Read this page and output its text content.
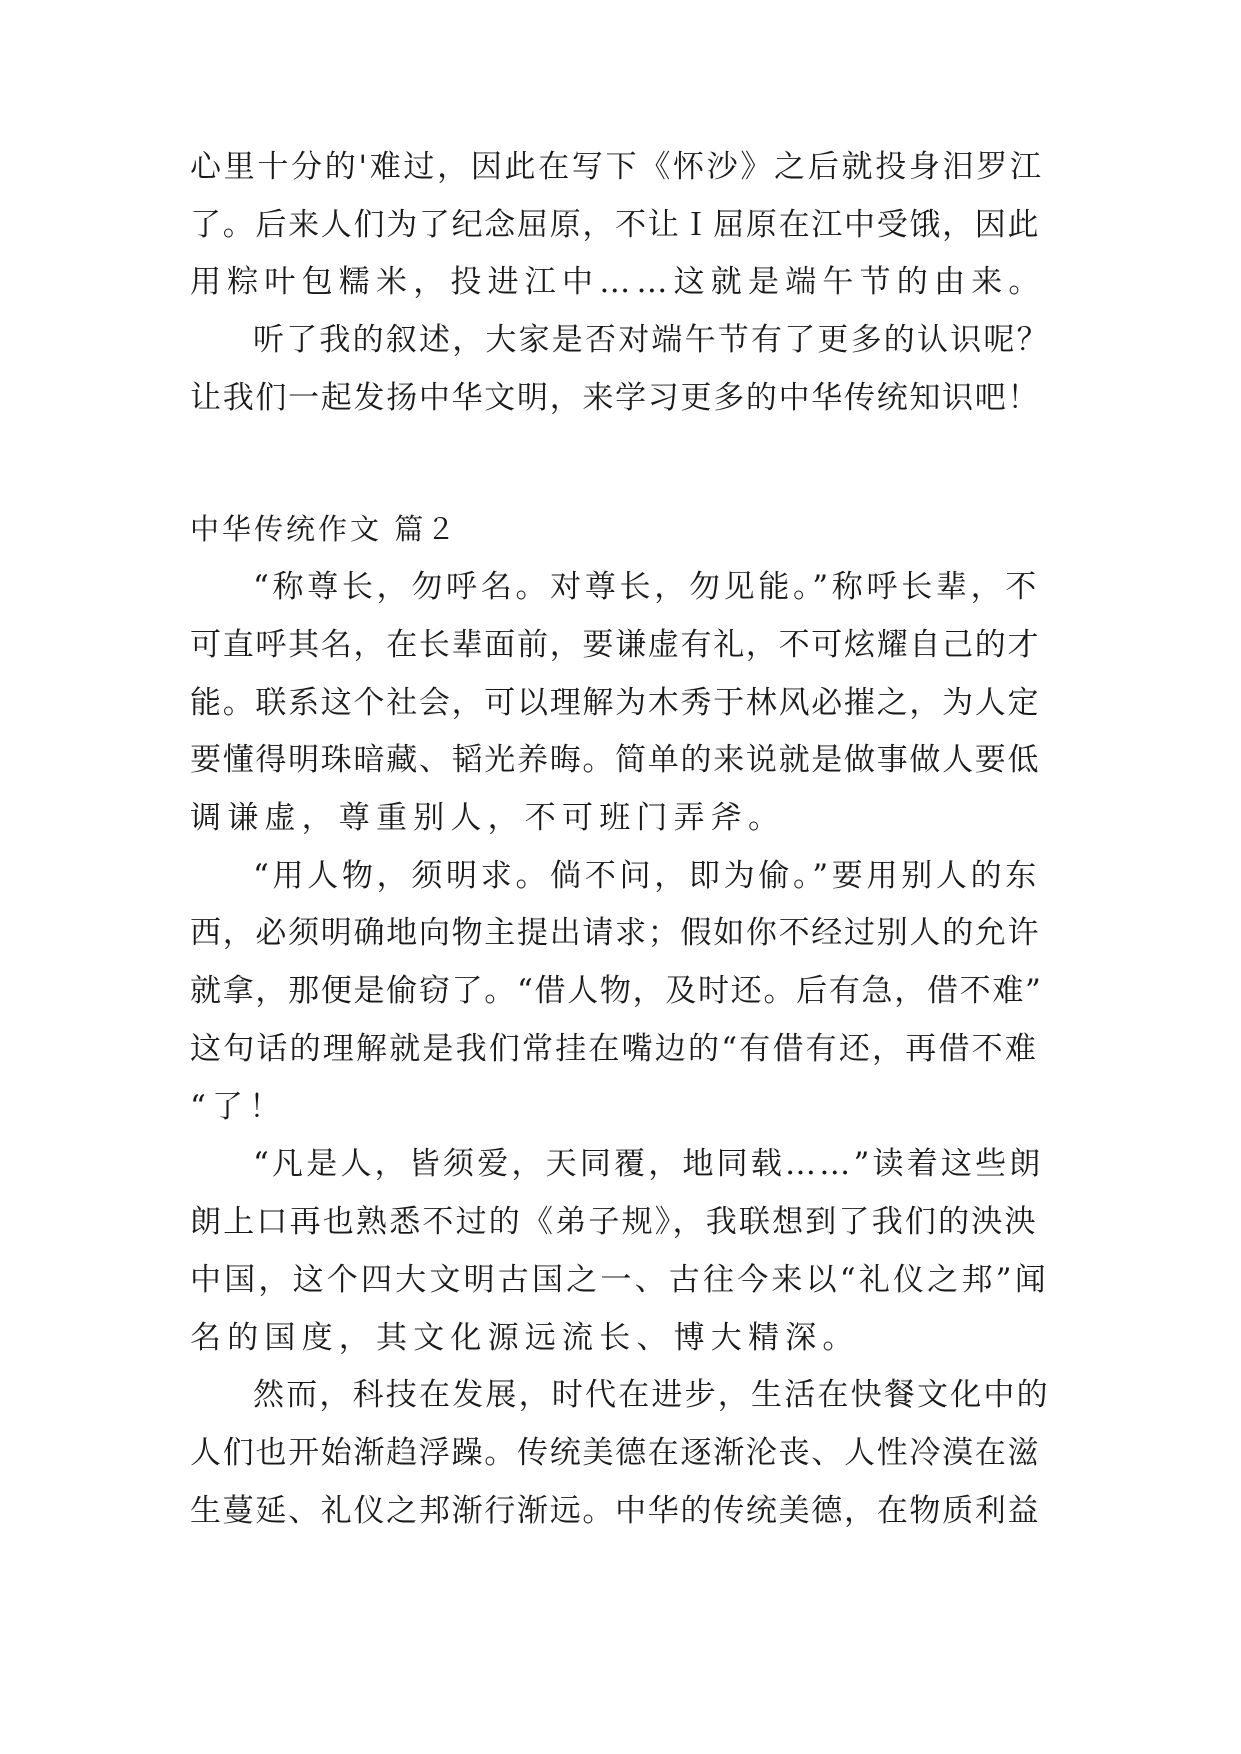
心里十分的'难过，因此在写下《怀沙》之后就投身汨罗江
了。后来人们为了纪念屈原，不让Ｉ屈原在江中受饿，因此
用粽叶包糯米，投进江中……这就是端午节的由来。
听了我的叙述，大家是否对端午节有了更多的认识呢？
让我们一起发扬中华文明，来学习更多的中华传统知识吧！
中华传统作文 篇２
“称尊长，勿呼名。对尊长，勿见能。”称呼长辈，不
可直呼其名，在长辈面前，要谦虚有礼，不可炫耀自己的才
能。联系这个社会，可以理解为木秀于林风必摧之，为人定
要懂得明珠暗藏、韬光养晦。简单的来说就是做事做人要低
调谦虚，尊重别人，不可班门弄斧。
“用人物，须明求。倘不问，即为偷。”要用别人的东
西，必须明确地向物主提出请求；假如你不经过别人的允许
就拿，那便是偷窃了。“借人物，及时还。后有急，借不难”
这句话的理解就是我们常挂在嘴边的“有借有还，再借不难
“了！
“凡是人，皆须爱，天同覆，地同载……”读着这些朗
朗上口再也熟悉不过的《弟子规》，我联想到了我们的泱泱
中国，这个四大文明古国之一、古往今来以“礼仪之邦”闻
名的国度，其文化源远流长、博大精深。
然而，科技在发展，时代在进步，生活在快餐文化中的
人们也开始渐趋浮躁。传统美德在逐渐沦丧、人性冷漠在滋
生蔓延、礼仪之邦渐行渐远。中华的传统美德，在物质利益
